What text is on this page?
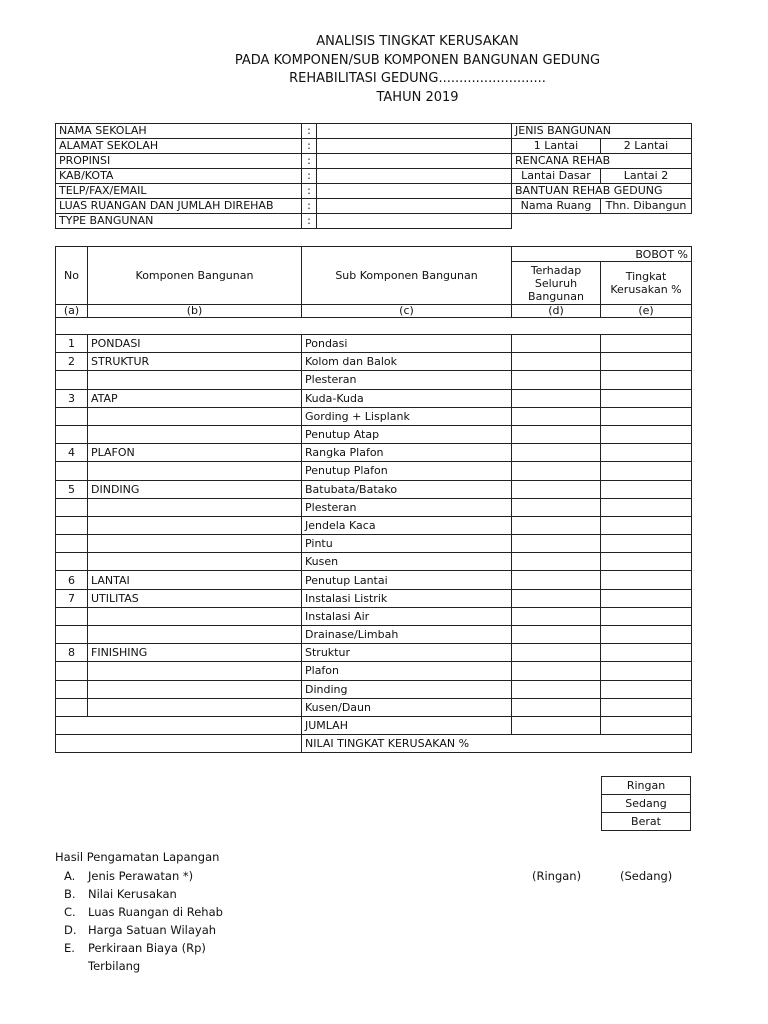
ANALISIS TINGKAT KERUSAKAN
PADA KOMPONEN/SUB KOMPONEN BANGUNAN GEDUNG
REHABILITASI GEDUNG..........................
TAHUN 2019
NAMA SEKOLAH	:		JENIS BANGUNAN	
ALAMAT SEKOLAH	:		1 Lantai	2 Lantai
PROPINSI	:		RENCANA REHAB	
KAB/KOTA	:		Lantai Dasar	Lantai 2
TELP/FAX/EMAIL	:		BANTUAN REHAB GEDUNG	
LUAS RUANGAN DAN JUMLAH DIREHAB	:		Nama Ruang	Thn. Dibangun
TYPE BANGUNAN	:			
No	Komponen Bangunan	Sub Komponen Bangunan	BOBOT %	
			Terhadap Seluruh Bangunan	Tingkat Kerusakan %
(a)	(b)	(c)	(d)	(e)

1	PONDASI	Pondasi		
2	STRUKTUR	Kolom dan Balok		
		Plesteran		
3	ATAP	Kuda-Kuda		
		Gording + Lisplank		
		Penutup Atap		
4	PLAFON	Rangka Plafon		
		Penutup Plafon		
5	DINDING	Batubata/Batako		
		Plesteran		
		Jendela Kaca		
		Pintu		
		Kusen		
6	LANTAI	Penutup Lantai		
7	UTILITAS	Instalasi Listrik		
		Instalasi Air		
		Drainase/Limbah		
8	FINISHING	Struktur		
		Plafon		
		Dinding		
		Kusen/Daun		
		JUMLAH		
		NILAI TINGKAT KERUSAKAN %		
Ringan
Sedang
Berat
Hasil Pengamatan Lapangan
A. Jenis Perawatan *)	(Ringan)	(Sedang)
B. Nilai Kerusakan
C. Luas Ruangan di Rehab
D. Harga Satuan Wilayah
E. Perkiraan Biaya (Rp)
Terbilang
